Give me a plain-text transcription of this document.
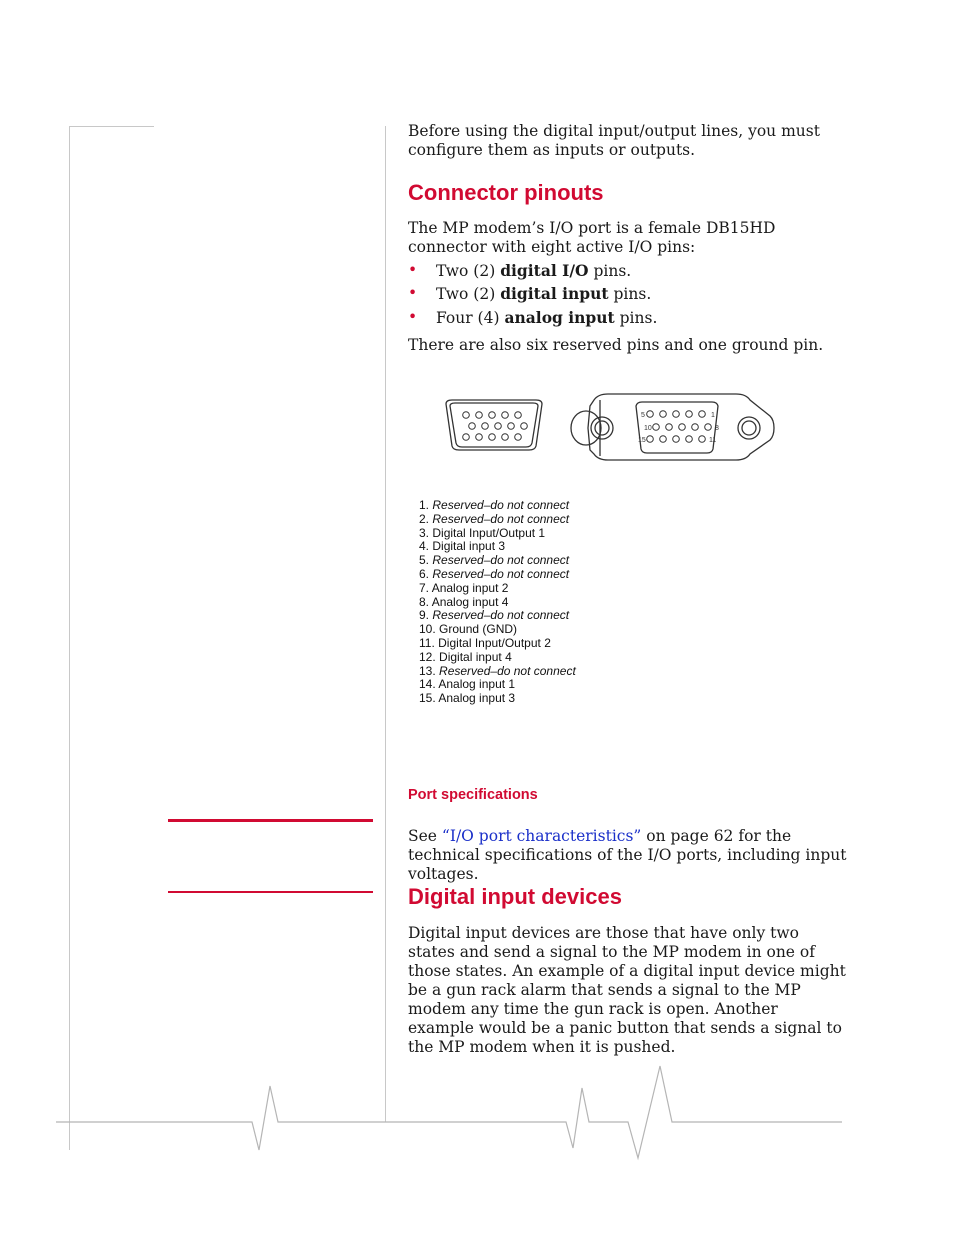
Before using the digital input/output lines, you must configure them as inputs or outputs.

Connector pinouts

The MP modem’s I/O port is a female DB15HD connector with eight active I/O pins:

• Two (2) digital I/O pins.
• Two (2) digital input pins.
• Four (4) analog input pins.

There are also six reserved pins and one ground pin.

5	1
10	8
15	11
1. Reserved–do not connect
2. Reserved–do not connect
3. Digital Input/Output 1
4. Digital input 3
5. Reserved–do not connect
6. Reserved–do not connect
7. Analog input 2
8. Analog input 4
9. Reserved–do not connect
10. Ground (GND)
11. Digital Input/Output 2
12. Digital input 4
13. Reserved–do not connect
14. Analog input 1
15. Analog input 3
Port specifications

See “I/O port characteristics” on page 62 for the technical specifications of the I/O ports, including input voltages.

Digital input devices

Digital input devices are those that have only two states and send a signal to the MP modem in one of those states. An example of a digital input device might be a gun rack alarm that sends a signal to the MP modem any time the gun rack is open. Another example would be a panic button that sends a signal to the MP modem when it is pushed.
